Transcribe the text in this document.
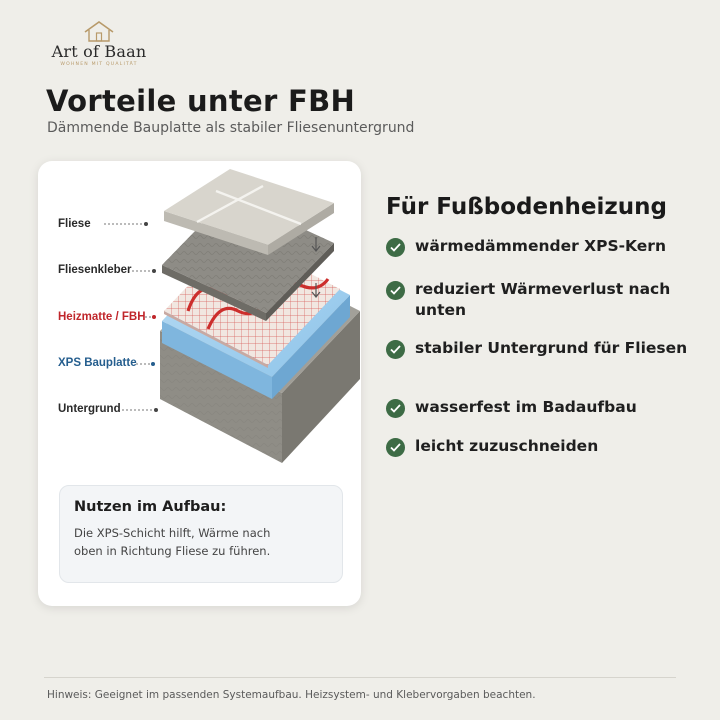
Art of Baan
WOHNEN MIT QUALITÄT
Vorteile unter FBH
Dämmende Bauplatte als stabiler Fliesenuntergrund
Fliese
Fliesenkleber
Heizmatte / FBH
XPS Bauplatte
Untergrund
Nutzen im Aufbau:
Die XPS-Schicht hilft, Wärme nach oben in Richtung Fliese zu führen.
Für Fußbodenheizung
wärmedämmender XPS-Kern
reduziert Wärmeverlust nach unten
stabiler Untergrund für Fliesen
wasserfest im Badaufbau
leicht zuzuschneiden
Hinweis: Geeignet im passenden Systemaufbau. Heizsystem- und Klebervorgaben beachten.
